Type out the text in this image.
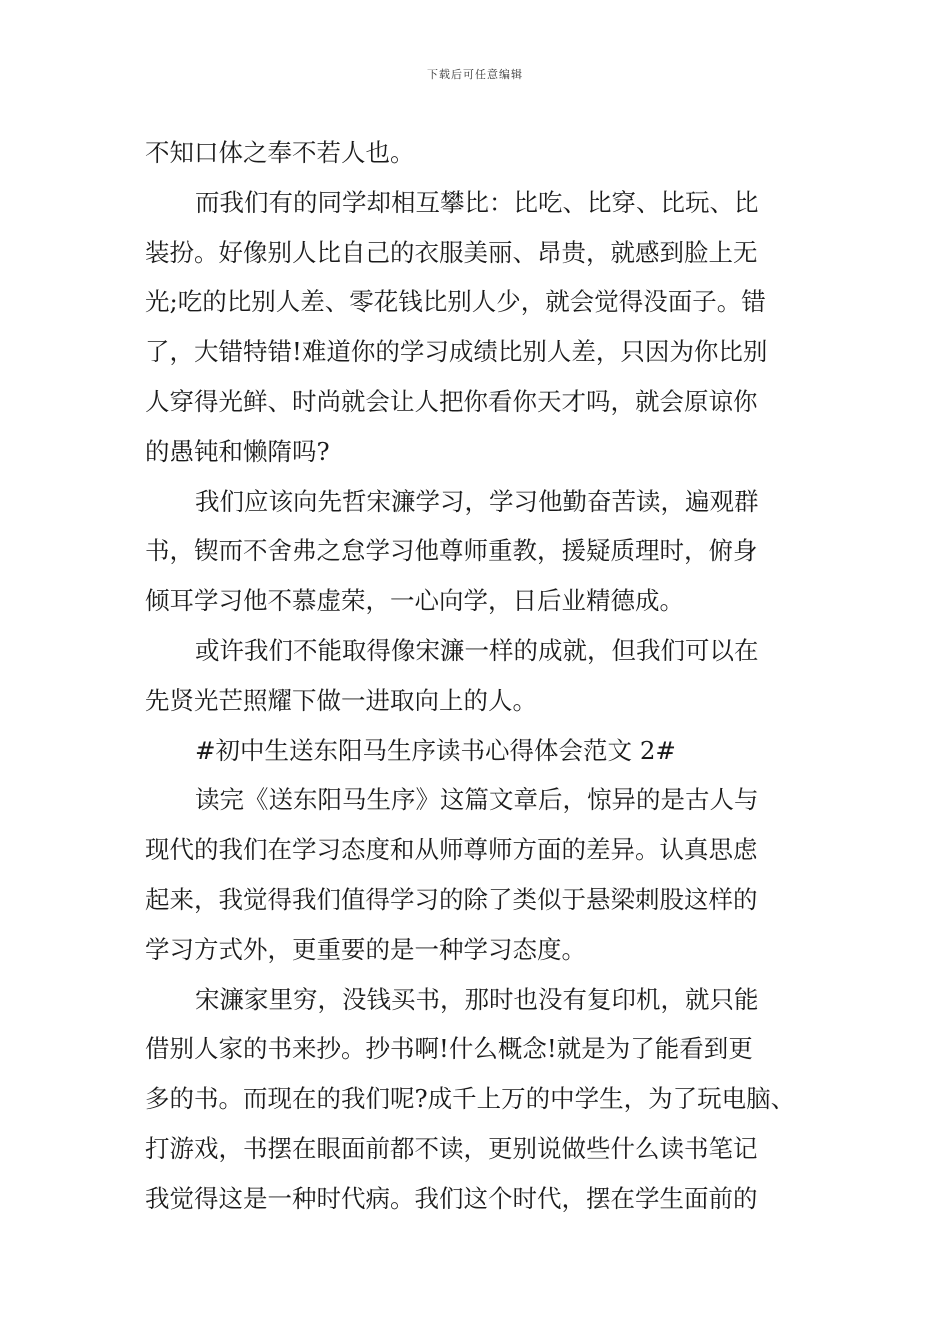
下载后可任意编辑
不知口体之奉不若人也。
而我们有的同学却相互攀比：比吃、比穿、比玩、比
装扮。好像别人比自己的衣服美丽、昂贵，就感到脸上无
光;吃的比别人差、零花钱比别人少，就会觉得没面子。错
了，大错特错!难道你的学习成绩比别人差，只因为你比别
人穿得光鲜、时尚就会让人把你看你天才吗，就会原谅你
的愚钝和懒隋吗?
我们应该向先哲宋濂学习，学习他勤奋苦读，遍观群
书，锲而不舍弗之怠学习他尊师重教，援疑质理时，俯身
倾耳学习他不慕虚荣，一心向学，日后业精德成。
或许我们不能取得像宋濂一样的成就，但我们可以在
先贤光芒照耀下做一进取向上的人。
#初中生送东阳马生序读书心得体会范文 2#
读完《送东阳马生序》这篇文章后，惊异的是古人与
现代的我们在学习态度和从师尊师方面的差异。认真思虑
起来，我觉得我们值得学习的除了类似于悬梁刺股这样的
学习方式外，更重要的是一种学习态度。
宋濂家里穷，没钱买书，那时也没有复印机，就只能
借别人家的书来抄。抄书啊!什么概念!就是为了能看到更
多的书。而现在的我们呢?成千上万的中学生，为了玩电脑、
打游戏，书摆在眼面前都不读，更别说做些什么读书笔记
我觉得这是一种时代病。我们这个时代，摆在学生面前的
